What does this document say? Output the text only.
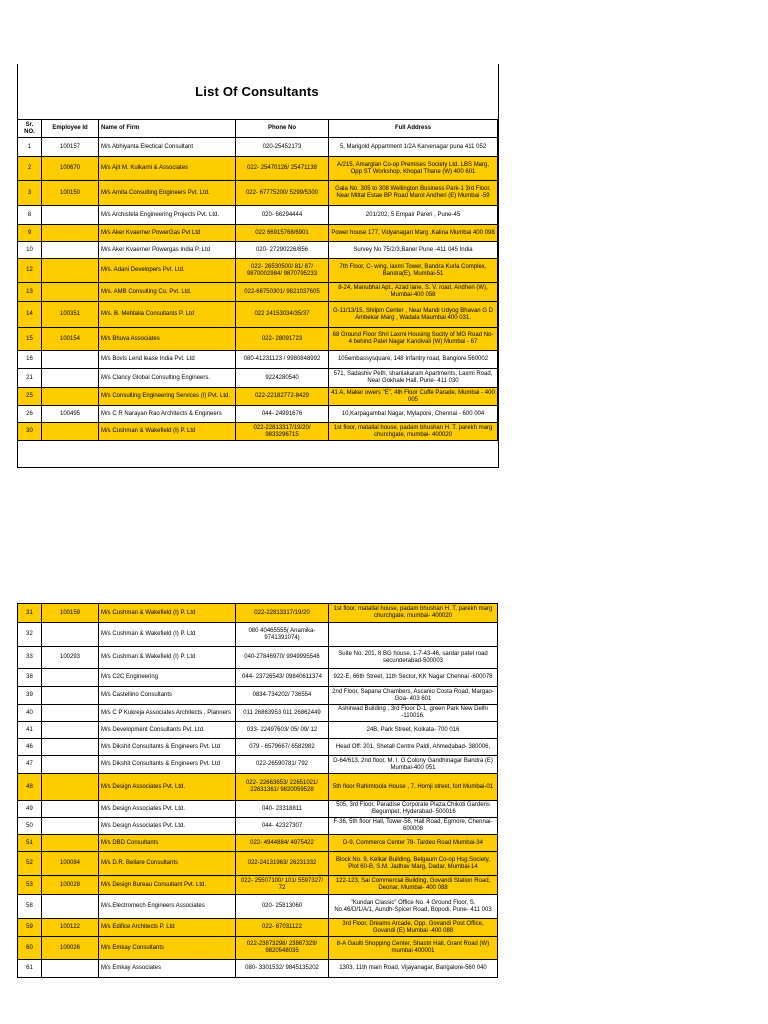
List Of Consultants
Sr. NO.	Employee Id	Name of Firm	Phone No	Full Address
1	100157	M/s Abhiyanta Electical Consultant	020-25452173	5, Marigold Appartment 1/2A Karvenagar puna 411 052
2	100670	M/s Ajit M. Kulkarni & Associates	022- 25470126/ 25471138	A/215, Amarglan Co-op Premises Society Ltd. LBS Marg, Opp ST Workshop, Khopat Thane (W) 400 601
3	100150	M/s Amita Consulting Engineers Pvt. Ltd.	022- 67775200/ 5299/5300	Gala No. 305 to 308 Wellington Business Park-1 3rd Floor, Near Mittal Estae BP Road Marol Andheri (E) Mumbai -59
8		M/s Archistela Engineering Projects Pvt. Ltd.	020- 66294444	201/202, 5 Empair Pareri , Pune-45
9		M/s Aker Kvaerner PowerGas Pvt Ltd	022 66915768/6901	Power house 177, Vidyanagari Marg ,Kalina Mumbai 400 098
10		M/s Aker Kvaerner Powergas India P. Ltd	020- 27290226/856	Survey No 75/2/3,Baner Pune -411 045 India
12		M/s. Adani Developers Pvt. Ltd.	022- 26530500/ 81/ 87/ 9870002984/ 9870795233	7th Floor, C- wing, laxmi Tower, Bandra Kurla Complex, Bandra(E), Mumbai-51
13		M/s. AMB Consulting Co. Pvt. Ltd.	022-66750301/ 9821037605	8-24, Manubhai Apt., Azad lane, S. V. road, Andheri (W), Mumbai-400 058
14	100351	M/s. B. Mehtalia Consultants P. Ltd	022 24153034/35/37	G-11/13/15, Shilpin Center , Near Mandi Udyog Bhavan G D Ambekar Marg , Wadala Maumbai 400 031.
15	100154	M/s Bhuva Associates	022- 28091723	68 Ground Floor Shri Laxmi Housing Socity of MG Road No-4 behind Patel Nagar Kandivali (W) Mumbai - 67
16		M/s Bovis Lend lease India Pvt. Ltd	080-41231123 / 9980848992	105embassysquare, 148 Infantry road, Banglore 560002
21		M/s Clancy Global Consulting Engineers.	9224280540	571, Sadashiv Peth, shanlakaram Apartments, Laxmi Road, Near Gokhale Hall, Pune- 411 030
25		M/s Consulting Engineering Services (I) Pvt. Ltd.	022-22182772-8429	41 A, Maker owers "E", 4th Floor Cuffe Parade, Mumbai - 400 005
26	100495	M/s C R Narayan Rao Architects & Engineers	044- 24991676	10,Karpagambal Nagar, Mylapore, Chennai - 600 004
30		M/s Cushman & Wakefield (I) P. Ltd	022-22813317/19/20/ 9833296715	1st floor, matallal house, padam bhushan H. T. parekh marg churchgate, mumbai- 400020
31	100159	M/s Cushman & Wakefield (I) P. Ltd	022-22813317/19/20	1st floor, matallal house, padam bhushan H. T. parekh marg churchgate, mumbai- 400020
32		M/s Cushman & Wakefield (I) P. Ltd	080 40465555( Anamika- 9741391074)	
33	100293	M/s Cushman & Wakefield (I) P. Ltd	040-27846970/ 9949995546	Suite No. 201, 8 BG house, 1-7-43-46, sardar patel road secunderabad-500003
38		M/s C2C Engineering	044- 23726543/ 09840611374	922-E, 66th Street, 11th Sector, KK Nagar Chennai -600078
39		M/s Castellino Consultants	0834-734202/ 736554	2nd Floor, Sapana Chambers, Ascanio Costa Road, Margao- Goa- 403 601
40		M/s C P Kukreja Associates Architects , Planners	011 26863953 011 26862449	Ashirwad Building , 3rd Floor D-1, green Park New Delhi -110016.
41		M/s Development Consultants Pvt. Ltd.	033- 22497603/ 05/ 09/ 12	24B, Park Street, Kolkata- 700 016
46		M/s Dikshit Consultants & Engineers Pvt. Ltd	079 - 6579667/ 6582982	Head Off: 201, Shetall Centre Paldi, Ahmedabad- 380006,
47		M/s Dikshit Consultants & Engineers Pvt. Ltd	022-26590781/ 792	D-64/613, 2nd floor, M. I. G Colony Gandhinagar Bandra (E) Mumbai-400 051
48		M/s Design Associates Pvt. Ltd.	022- 22663653/ 22651021/ 22631361/ 9820059528	5th floor Rahimtoola House , 7, Homji street, fort Mumbai-01
49		M/s Design Associates Pvt. Ltd.	040- 23318811	505, 3rd Floor, Paradise Corporate Plaza,Chikoti Gardens ,Begumpet, Hyderabad- 500016
50		M/s Design Associates Pvt. Ltd.	044- 42327307	F-36, 5th floor Hall, Tower-56, Hall Road, Egmore, Chennai-600008
51		M/s DBD Consultants	022- 4944884/ 4975422	D-9, Commerce Center 78- Tardeo Road Mumbai-34
52	100084	M/s D.R. Bellare Consultants	022-24131963/ 26231332	Block No. 9, Kelkar Building, Belgaum Co-op Hsg.Society, Plot 60-B, S.M. Jadhav Marg, Dadar, Mumbai-14
53	100028	M/s Design Bureau Consultant Pvt. Ltd.	022- 25507100/ 101/ 5597327/ 72	122-123, Sai Commercial Building, Govandi Station Road, Deonar, Mumbai- 400 088
58		M/s.Electromech Engineers Associates	020- 25813060	"Kundan Classic" Office No. 4 Ground Floor, S. No.46/D/1/A/1, Aundh-Spicer Road, Bopodi, Pune- 411 003
59	100122	M/s Edifice Architects P. Ltd	022- 67031122	3rd Floor, Dreams Arcade, Opp. Govandi Post Office, Govandi (E) Mumbai -400 088
60	100026	M/s Emkay Consultants	022-23873298/ 23867329/ 9820548035	8-A Gaulti Shopping Center, Shastri Hall, Grant Road (W) mumbai 400001
61		M/s Emkay Associates	080- 3301532/ 9845135202	1303, 11th main Road, Vijayanagar, Bangalore-560 040
